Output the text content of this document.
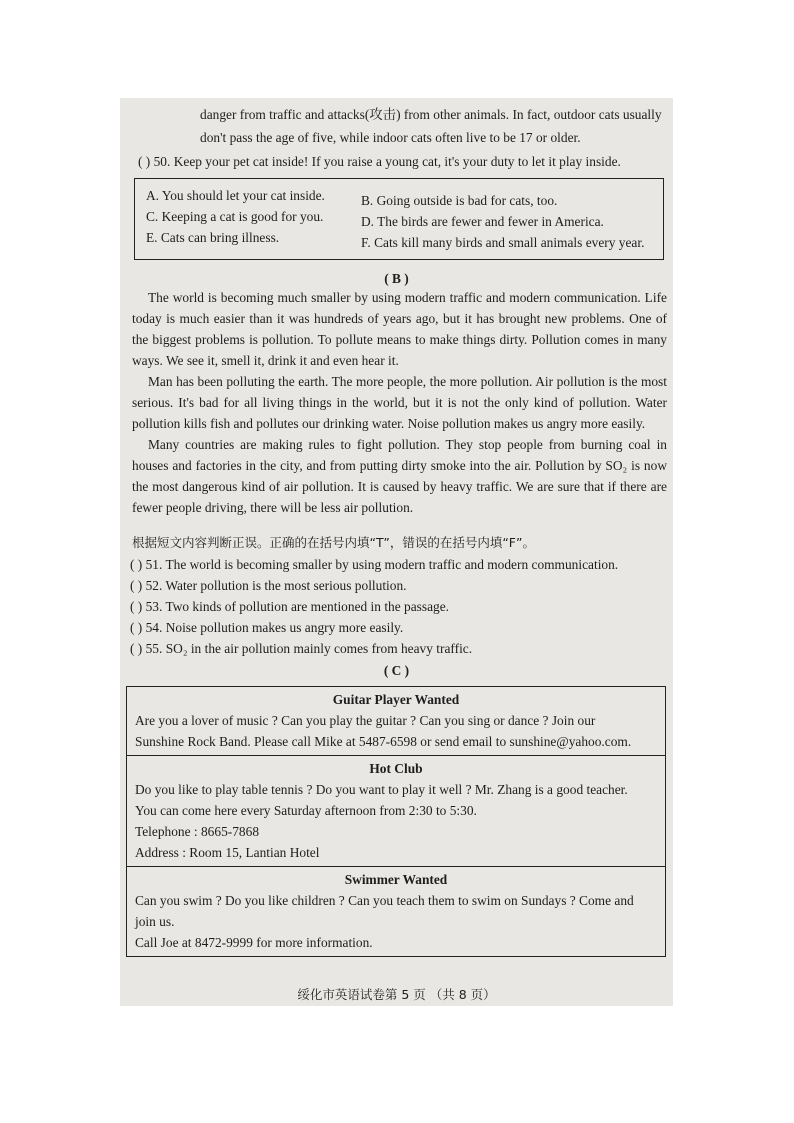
danger from traffic and attacks(攻击) from other animals. In fact, outdoor cats usually
don't pass the age of five, while indoor cats often live to be 17 or older.
( ) 50. Keep your pet cat inside! If you raise a young cat, it's your duty to let it play inside.
A. You should let your cat inside.
C. Keeping a cat is good for you.
E. Cats can bring illness.
B. Going outside is bad for cats, too.
D. The birds are fewer and fewer in America.
F. Cats kill many birds and small animals every year.
( B )

The world is becoming much smaller by using modern traffic and modern communication. Life today is much easier than it was hundreds of years ago, but it has brought new problems. One of the biggest problems is pollution. To pollute means to make things dirty. Pollution comes in many ways. We see it, smell it, drink it and even hear it.

Man has been polluting the earth. The more people, the more pollution. Air pollution is the most serious. It's bad for all living things in the world, but it is not the only kind of pollution. Water pollution kills fish and pollutes our drinking water. Noise pollution makes us angry more easily.

Many countries are making rules to fight pollution. They stop people from burning coal in houses and factories in the city, and from putting dirty smoke into the air. Pollution by SO₂ is now the most dangerous kind of air pollution. It is caused by heavy traffic. We are sure that if there are fewer people driving, there will be less air pollution.

根据短文内容判断正误。正确的在括号内填“T”，错误的在括号内填“F”。
( ) 51. The world is becoming smaller by using modern traffic and modern communication.
( ) 52. Water pollution is the most serious pollution.
( ) 53. Two kinds of pollution are mentioned in the passage.
( ) 54. Noise pollution makes us angry more easily.
( ) 55. SO₂ in the air pollution mainly comes from heavy traffic.
( C )
Guitar Player Wanted
Are you a lover of music ? Can you play the guitar ? Can you sing or dance ? Join our
Sunshine Rock Band. Please call Mike at 5487-6598 or send email to sunshine@yahoo.com.
Hot Club
Do you like to play table tennis ? Do you want to play it well ? Mr. Zhang is a good teacher.
You can come here every Saturday afternoon from 2:30 to 5:30.
Telephone : 8665-7868
Address : Room 15, Lantian Hotel
Swimmer Wanted
Can you swim ? Do you like children ? Can you teach them to swim on Sundays ? Come and
join us.
Call Joe at 8472-9999 for more information.
绥化市英语试卷第 5 页 （共 8 页）
